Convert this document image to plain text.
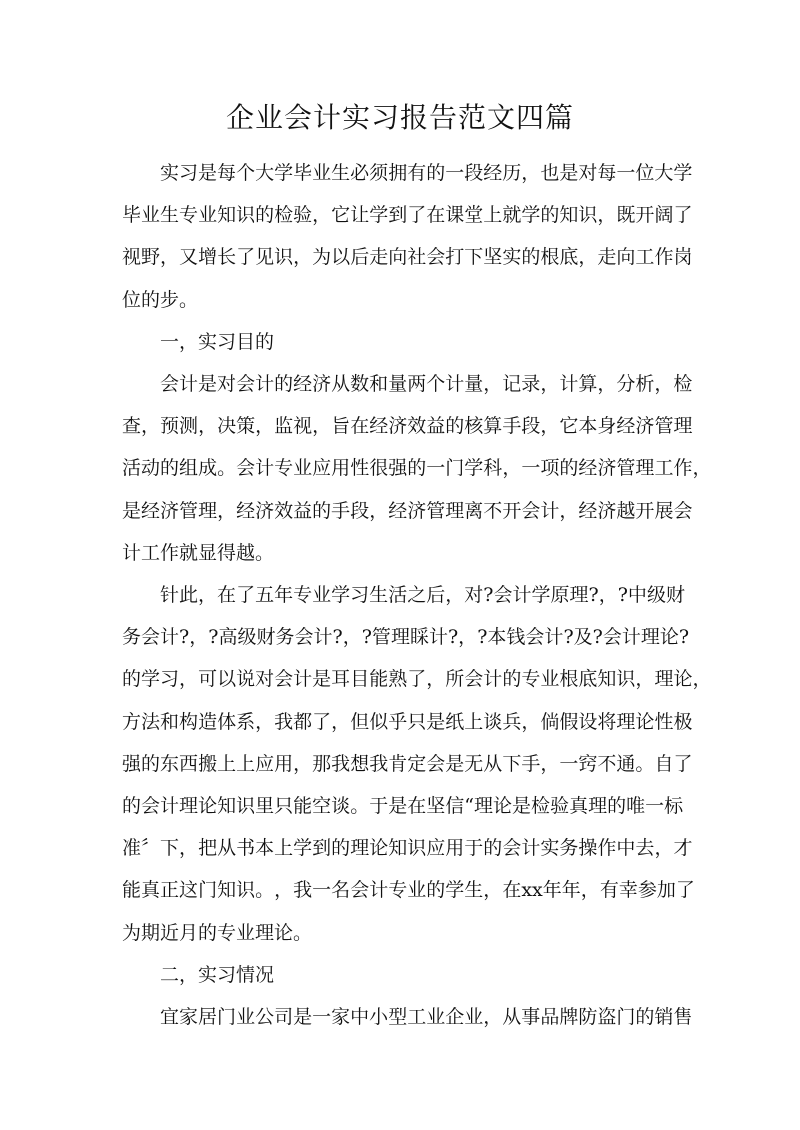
企业会计实习报告范文四篇
实 习 是 每 个 大 学 毕 业 生 必 须 拥 有 的 一 段 经 历 ， 也 是 对 每 一 位 大 学
毕 业 生 专 业 知 识 的 检 验 ， 它 让 学 到 了 在 课 堂 上 就 学 的 知 识 ， 既 开 阔 了
视 野 ， 又 增 长 了 见 识 ， 为 以 后 走 向 社 会 打 下 坚 实 的 根 底 ， 走 向 工 作 岗
位的步。
一，实习目的
会 计 是 对 会 计 的 经 济 从 数 和 量 两 个 计 量 ， 记 录 ， 计 算 ， 分 析 ， 检
查 ， 预 测 ， 决 策 ， 监 视 ， 旨 在 经 济 效 益 的 核 算 手 段 ， 它 本 身 经 济 管 理
活 动 的 组 成 。 会 计 专 业 应 用 性 很 强 的 一 门 学 科 ， 一 项 的 经 济 管 理 工 作 ，
是 经 济 管 理 ， 经 济 效 益 的 手 段 ， 经 济 管 理 离 不 开 会 计 ， 经 济 越 开 展 会
计工作就显得越。
针 此 ， 在 了 五 年 专 业 学 习 生 活 之 后 ， 对 ? 会 计 学 原 理 ? ， ? 中 级 财
务 会 计 ? ， ? 高 级 财 务 会 计 ? ， ? 管 理 睬 计 ? ， ? 本 钱 会 计 ? 及 ? 会 计 理 论 ?
的 学 习 ， 可 以 说 对 会 计 是 耳 目 能 熟 了 ， 所 会 计 的 专 业 根 底 知 识 ， 理 论 ，
方 法 和 构 造 体 系 ， 我 都 了 ， 但 似 乎 只 是 纸 上 谈 兵 ， 倘 假 设 将 理 论 性 极
强 的 东 西 搬 上 上 应 用 ， 那 我 想 我 肯 定 会 是 无 从 下 手 ， 一 窍 不 通 。 自 了
的 会 计 理 论 知 识 里 只 能 空 谈 。 于 是 在 坚 信 “ 理 论 是 检 验 真 理 的 唯 一 标
准 〞 下 ， 把 从 书 本 上 学 到 的 理 论 知 识 应 用 于 的 会 计 实 务 操 作 中 去 ， 才
能 真 正 这 门 知 识 。 ， 我 一 名 会 计 专 业 的 学 生 ， 在 xx 年 年 ， 有 幸 参 加 了
为期近月的专业理论。
二，实习情况
宜 家 居 门 业 公 司 是 一 家 中 小 型 工 业 企 业 ， 从 事 品 牌 防 盗 门 的 销 售
